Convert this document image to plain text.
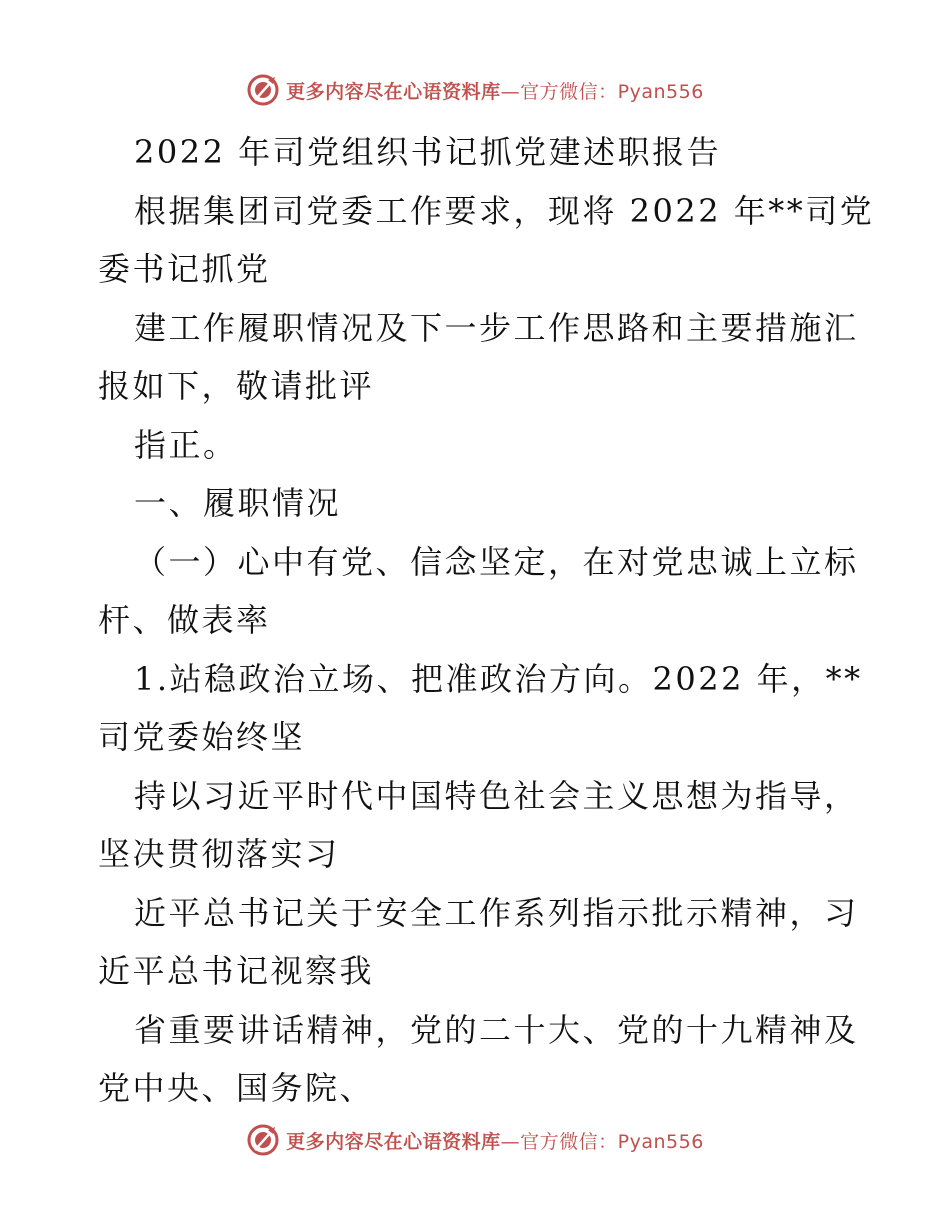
更多内容尽在心语资料库—官方微信：Pyan556
2022 年司党组织书记抓党建述职报告
根据集团司党委工作要求，现将 2022 年**司党
委书记抓党
建工作履职情况及下一步工作思路和主要措施汇
报如下，敬请批评
指正。
一、履职情况
（一）心中有党、信念坚定，在对党忠诚上立标
杆、做表率
1.站稳政治立场、把准政治方向。2022 年，**
司党委始终坚
持以习近平时代中国特色社会主义思想为指导，
坚决贯彻落实习
近平总书记关于安全工作系列指示批示精神，习
近平总书记视察我
省重要讲话精神，党的二十大、党的十九精神及
党中央、国务院、
更多内容尽在心语资料库—官方微信：Pyan556
